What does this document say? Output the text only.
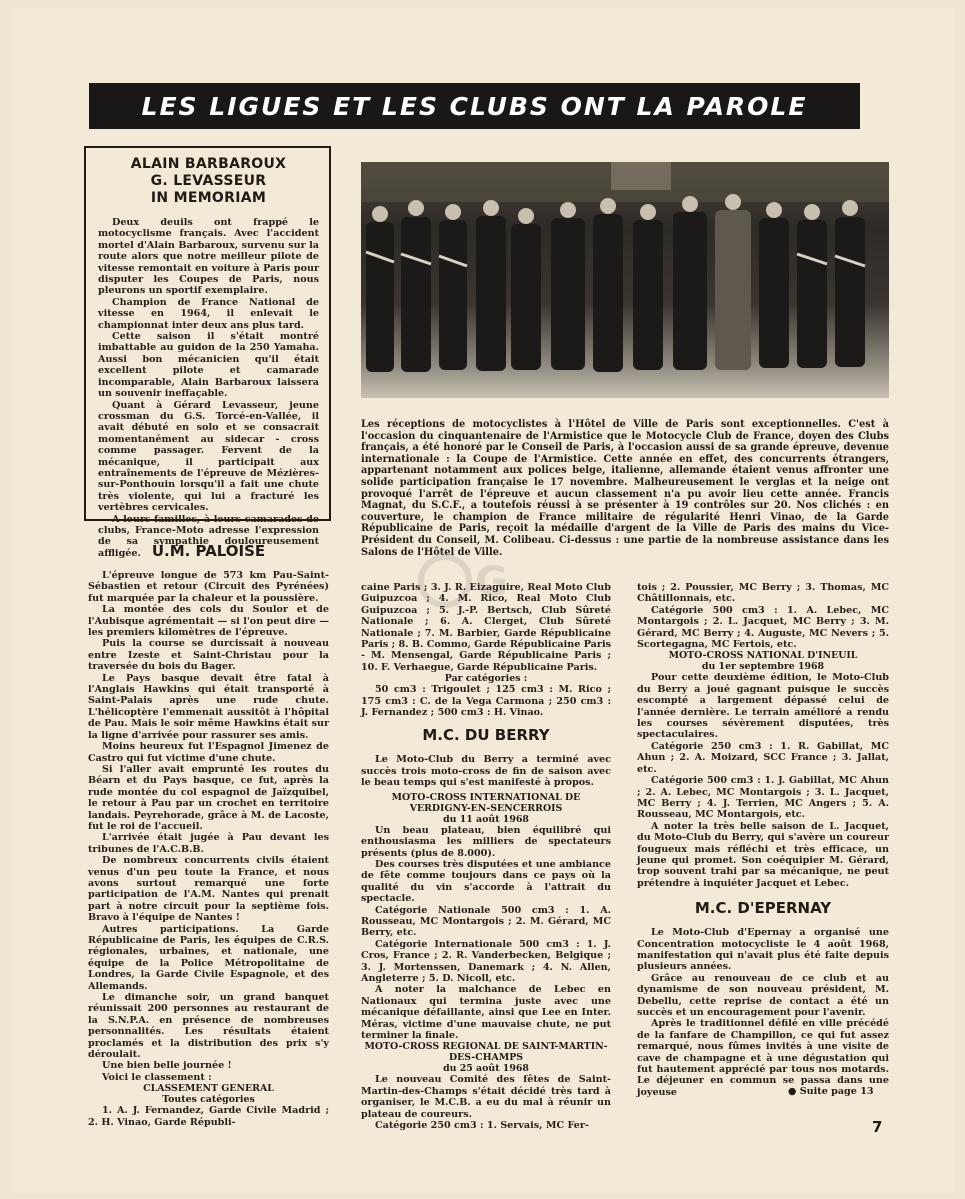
LES LIGUES ET LES CLUBS ONT LA PAROLE
ALAIN BARBAROUX
G. LEVASSEUR
IN MEMORIAM

Deux deuils ont frappé le motocyclisme français. Avec l'accident mortel d'Alain Barbaroux, survenu sur la route alors que notre meilleur pilote de vitesse remontait en voiture à Paris pour disputer les Coupes de Paris, nous pleurons un sportif exemplaire.

Champion de France National de vitesse en 1964, il enlevait le championnat inter deux ans plus tard.

Cette saison il s'était montré imbattable au guidon de la 250 Yamaha. Aussi bon mécanicien qu'il était excellent pilote et camarade incomparable, Alain Barbaroux laissera un souvenir ineffaçable.

Quant à Gérard Levasseur, jeune crossman du G.S. Torcé-en-Vallée, il avait débuté en solo et se consacrait momentanément au sidecar - cross comme passager. Fervent de la mécanique, il participait aux entraînements de l'épreuve de Mézières-sur-Ponthouin lorsqu'il a fait une chute très violente, qui lui a fracturé les vertèbres cervicales.

A leurs familles, à leurs camarades de clubs, France-Moto adresse l'expression de sa sympathie douloureusement affligée.

Les réceptions de motocyclistes à l'Hôtel de Ville de Paris sont exceptionnelles. C'est à l'occasion du cinquantenaire de l'Armistice que le Motocycle Club de France, doyen des Clubs français, a été honoré par le Conseil de Paris, à l'occasion aussi de sa grande épreuve, devenue internationale : la Coupe de l'Armistice. Cette année en effet, des concurrents étrangers, appartenant notamment aux polices belge, italienne, allemande étaient venus affronter une solide participation française le 17 novembre. Malheureusement le verglas et la neige ont provoqué l'arrêt de l'épreuve et aucun classement n'a pu avoir lieu cette année. Francis Magnat, du S.C.F., a toutefois réussi à se présenter à 19 contrôles sur 20. Nos clichés : en couverture, le champion de France militaire de régularité Henri Vinao, de la Garde Républicaine de Paris, reçoit la médaille d'argent de la Ville de Paris des mains du Vice-Président du Conseil, M. Colibeau. Ci-dessus : une partie de la nombreuse assistance dans les Salons de l'Hôtel de Ville.
G
U.M. PALOISE

L'épreuve longue de 573 km Pau-Saint-Sébastien et retour (Circuit des Pyrénées) fut marquée par la chaleur et la poussière.

La montée des cols du Soulor et de l'Aubisque agrémentait — si l'on peut dire — les premiers kilomètres de l'épreuve.

Puis la course se durcissait à nouveau entre Izeste et Saint-Christau pour la traversée du bois du Bager.

Le Pays basque devait être fatal à l'Anglais Hawkins qui était transporté à Saint-Palais après une rude chute. L'hélicoptère l'emmenait aussitôt à l'hôpital de Pau. Mais le soir même Hawkins était sur la ligne d'arrivée pour rassurer ses amis.

Moins heureux fut l'Espagnol Jimenez de Castro qui fut victime d'une chute.

Si l'aller avait emprunté les routes du Béarn et du Pays basque, ce fut, après la rude montée du col espagnol de Jaïzquibel, le retour à Pau par un crochet en territoire landais. Peyrehorade, grâce à M. de Lacoste, fut le roi de l'accueil.

L'arrivée était jugée à Pau devant les tribunes de l'A.C.B.B.

De nombreux concurrents civils étaient venus d'un peu toute la France, et nous avons surtout remarqué une forte participation de l'A.M. Nantes qui prenait part à notre circuit pour la septième fois. Bravo à l'équipe de Nantes !

Autres participations. La Garde Républicaine de Paris, les équipes de C.R.S. régionales, urbaines, et nationale, une équipe de la Police Métropolitaine de Londres, la Garde Civile Espagnole, et des Allemands.

Le dimanche soir, un grand banquet réunissait 200 personnes au restaurant de la S.N.P.A. en présence de nombreuses personnalités. Les résultats étaient proclamés et la distribution des prix s'y déroulait.

Une bien belle journée !

Voici le classement :

CLASSEMENT GENERAL
Toutes catégories

1. A. J. Fernandez, Garde Civile Madrid ; 2. H. Vinao, Garde Républi-

caine Paris ; 3. J. R. Eizaguire, Real Moto Club Guipuzcoa ; 4. M. Rico, Real Moto Club Guipuzcoa ; 5. J.-P. Bertsch, Club Sûreté Nationale ; 6. A. Clerget, Club Sûreté Nationale ; 7. M. Barbier, Garde Républicaine Paris ; 8. B. Commo, Garde Républicaine Paris - M. Mensengal, Garde Républicaine Paris ; 10. F. Verhaegue, Garde Républicaine Paris.

Par catégories :

50 cm3 : Trigoulet ; 125 cm3 : M. Rico ; 175 cm3 : C. de la Vega Carmona ; 250 cm3 : J. Fernandez ; 500 cm3 : H. Vinao.

M.C. DU BERRY

Le Moto-Club du Berry a terminé avec succès trois moto-cross de fin de saison avec le beau temps qui s'est manifesté à propos.

MOTO-CROSS INTERNATIONAL DE VERDIGNY-EN-SENCERROIS
du 11 août 1968

Un beau plateau, bien équilibré qui enthousiasma les milliers de spectateurs présents (plus de 8.000).

Des courses très disputées et une ambiance de fête comme toujours dans ce pays où la qualité du vin s'accorde à l'attrait du spectacle.

Catégorie Nationale 500 cm3 : 1. A. Rousseau, MC Montargois ; 2. M. Gérard, MC Berry, etc.

Catégorie Internationale 500 cm3 : 1. J. Cros, France ; 2. R. Vanderbecken, Belgique ; 3. J. Mortenssen, Danemark ; 4. N. Allen, Angleterre ; 5. D. Nicoll, etc.

A noter la malchance de Lebec en Nationaux qui termina juste avec une mécanique défaillante, ainsi que Lee en Inter. Méras, victime d'une mauvaise chute, ne put terminer la finale.

MOTO-CROSS REGIONAL DE SAINT-MARTIN-DES-CHAMPS
du 25 août 1968

Le nouveau Comité des fêtes de Saint-Martin-des-Champs s'était décidé très tard à organiser, le M.C.B. a eu du mal à réunir un plateau de coureurs.

Catégorie 250 cm3 : 1. Servais, MC Fer-

tois ; 2. Poussier, MC Berry ; 3. Thomas, MC Châtillonnais, etc.

Catégorie 500 cm3 : 1. A. Lebec, MC Montargois ; 2. L. Jacquet, MC Berry ; 3. M. Gérard, MC Berry ; 4. Auguste, MC Nevers ; 5. Scortegagna, MC Fertois, etc.

MOTO-CROSS NATIONAL D'INEUIL
du 1er septembre 1968

Pour cette deuxième édition, le Moto-Club du Berry a joué gagnant puisque le succès escompté a largement dépassé celui de l'année dernière. Le terrain amélioré a rendu les courses sévèrement disputées, très spectaculaires.

Catégorie 250 cm3 : 1. R. Gabillat, MC Ahun ; 2. A. Moizard, SCC France ; 3. Jallat, etc.

Catégorie 500 cm3 : 1. J. Gabillat, MC Ahun ; 2. A. Lebec, MC Montargois ; 3. L. Jacquet, MC Berry ; 4. J. Terrien, MC Angers ; 5. A. Rousseau, MC Montargois, etc.

A noter la très belle saison de L. Jacquet, du Moto-Club du Berry, qui s'avère un coureur fougueux mais réfléchi et très efficace, un jeune qui promet. Son coéquipier M. Gérard, trop souvent trahi par sa mécanique, ne peut prétendre à inquiéter Jacquet et Lebec.

M.C. D'EPERNAY

Le Moto-Club d'Epernay a organisé une Concentration motocycliste le 4 août 1968, manifestation qui n'avait plus été faite depuis plusieurs années.

Grâce au renouveau de ce club et au dynamisme de son nouveau président, M. Debellu, cette reprise de contact a été un succès et un encouragement pour l'avenir.

Après le traditionnel défilé en ville précédé de la fanfare de Champillon, ce qui fut assez remarqué, nous fûmes invités à une visite de cave de champagne et à une dégustation qui fut hautement apprécié par tous nos motards. Le déjeuner en commun se passa dans une joyeuse	● Suite page 13
7
